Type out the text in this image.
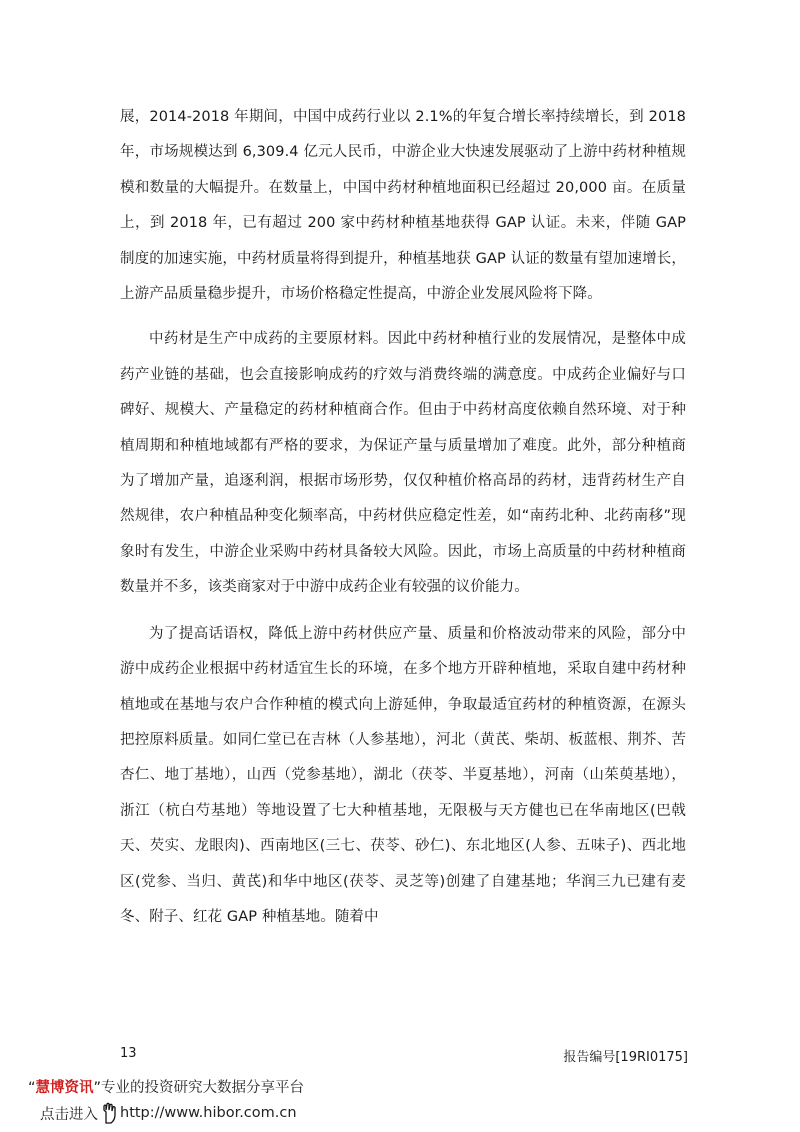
展，2014-2018 年期间，中国中成药行业以 2.1%的年复合增长率持续增长，到 2018 年，市场规模达到 6,309.4 亿元人民币，中游企业大快速发展驱动了上游中药材种植规模和数量的大幅提升。在数量上，中国中药材种植地面积已经超过 20,000 亩。在质量上，到 2018 年，已有超过 200 家中药材种植基地获得 GAP 认证。未来，伴随 GAP 制度的加速实施，中药材质量将得到提升，种植基地获 GAP 认证的数量有望加速增长，上游产品质量稳步提升，市场价格稳定性提高，中游企业发展风险将下降。

中药材是生产中成药的主要原材料。因此中药材种植行业的发展情况，是整体中成药产业链的基础，也会直接影响成药的疗效与消费终端的满意度。中成药企业偏好与口碑好、规模大、产量稳定的药材种植商合作。但由于中药材高度依赖自然环境、对于种植周期和种植地域都有严格的要求，为保证产量与质量增加了难度。此外，部分种植商为了增加产量，追逐利润，根据市场形势，仅仅种植价格高昂的药材，违背药材生产自然规律，农户种植品种变化频率高，中药材供应稳定性差，如“南药北种、北药南移”现象时有发生，中游企业采购中药材具备较大风险。因此，市场上高质量的中药材种植商数量并不多，该类商家对于中游中成药企业有较强的议价能力。

为了提高话语权，降低上游中药材供应产量、质量和价格波动带来的风险，部分中游中成药企业根据中药材适宜生长的环境，在多个地方开辟种植地，采取自建中药材种植地或在基地与农户合作种植的模式向上游延伸，争取最适宜药材的种植资源，在源头把控原料质量。如同仁堂已在吉林（人参基地），河北（黄芪、柴胡、板蓝根、荆芥、苦杏仁、地丁基地），山西（党参基地），湖北（茯苓、半夏基地），河南（山茱萸基地），浙江（杭白芍基地）等地设置了七大种植基地，无限极与天方健也已在华南地区(巴戟天、芡实、龙眼肉)、西南地区(三七、茯苓、砂仁)、东北地区(人参、五味子)、西北地区(党参、当归、黄芪)和华中地区(茯苓、灵芝等)创建了自建基地；华润三九已建有麦冬、附子、红花 GAP 种植基地。随着中

13	报告编号[19RI0175]
“慧博资讯”专业的投资研究大数据分享平台
点击进入 http://www.hibor.com.cn
